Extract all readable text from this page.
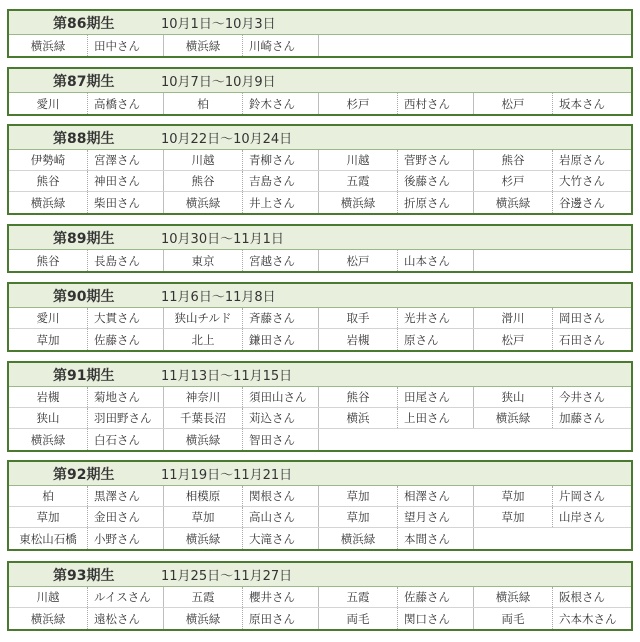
第86期生	10月1日～10月3日
横浜緑	田中さん	横浜緑	川崎さん
第87期生	10月7日～10月9日
愛川	高橋さん	柏	鈴木さん	杉戸	西村さん	松戸	坂本さん
第88期生	10月22日～10月24日
伊勢崎	宮澤さん	川越	青柳さん	川越	菅野さん	熊谷	岩原さん
熊谷	神田さん	熊谷	吉島さん	五霞	後藤さん	杉戸	大竹さん
横浜緑	柴田さん	横浜緑	井上さん	横浜緑	折原さん	横浜緑	谷邊さん
第89期生	10月30日～11月1日
熊谷	長島さん	東京	宮越さん	松戸	山本さん
第90期生	11月6日～11月8日
愛川	大貫さん	狭山チルド	斉藤さん	取手	光井さん	滑川	岡田さん
草加	佐藤さん	北上	鎌田さん	岩槻	原さん	松戸	石田さん
第91期生	11月13日～11月15日
岩槻	菊地さん	神奈川	須田山さん	熊谷	田尾さん	狭山	今井さん
狭山	羽田野さん	千葉長沼	苅込さん	横浜	上田さん	横浜緑	加藤さん
横浜緑	白石さん	横浜緑	智田さん
第92期生	11月19日～11月21日
柏	黒澤さん	相模原	関根さん	草加	相澤さん	草加	片岡さん
草加	金田さん	草加	高山さん	草加	望月さん	草加	山岸さん
東松山石橋	小野さん	横浜緑	大滝さん	横浜緑	本間さん
第93期生	11月25日～11月27日
川越	ルイスさん	五霞	櫻井さん	五霞	佐藤さん	横浜緑	阪根さん
横浜緑	遠松さん	横浜緑	原田さん	両毛	関口さん	両毛	六本木さん
